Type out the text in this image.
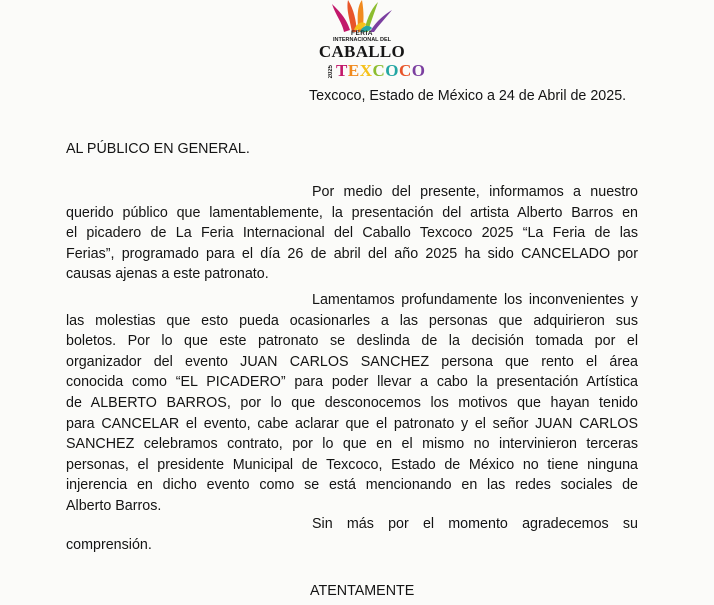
FERIA
INTERNACIONAL DEL
CABALLO
2025 TEXCOCO
Texcoco, Estado de México a 24 de Abril de 2025.
AL PÚBLICO EN GENERAL.
Por medio del presente, informamos a nuestro
querido público que lamentablemente, la presentación del artista Alberto Barros en
el picadero de La Feria Internacional del Caballo Texcoco 2025 “La Feria de las
Ferias”, programado para el día 26 de abril del año 2025 ha sido CANCELADO por
causas ajenas a este patronato.
Lamentamos profundamente los inconvenientes y
las molestias que esto pueda ocasionarles a las personas que adquirieron sus
boletos. Por lo que este patronato se deslinda de la decisión tomada por el
organizador del evento JUAN CARLOS SANCHEZ persona que rento el área
conocida como “EL PICADERO” para poder llevar a cabo la presentación Artística
de ALBERTO BARROS, por lo que desconocemos los motivos que hayan tenido
para CANCELAR el evento, cabe aclarar que el patronato y el señor JUAN CARLOS
SANCHEZ celebramos contrato, por lo que en el mismo no intervinieron terceras
personas, el presidente Municipal de Texcoco, Estado de México no tiene ninguna
injerencia en dicho evento como se está mencionando en las redes sociales de
Alberto Barros.
Sin más por el momento agradecemos su
comprensión.
ATENTAMENTE
